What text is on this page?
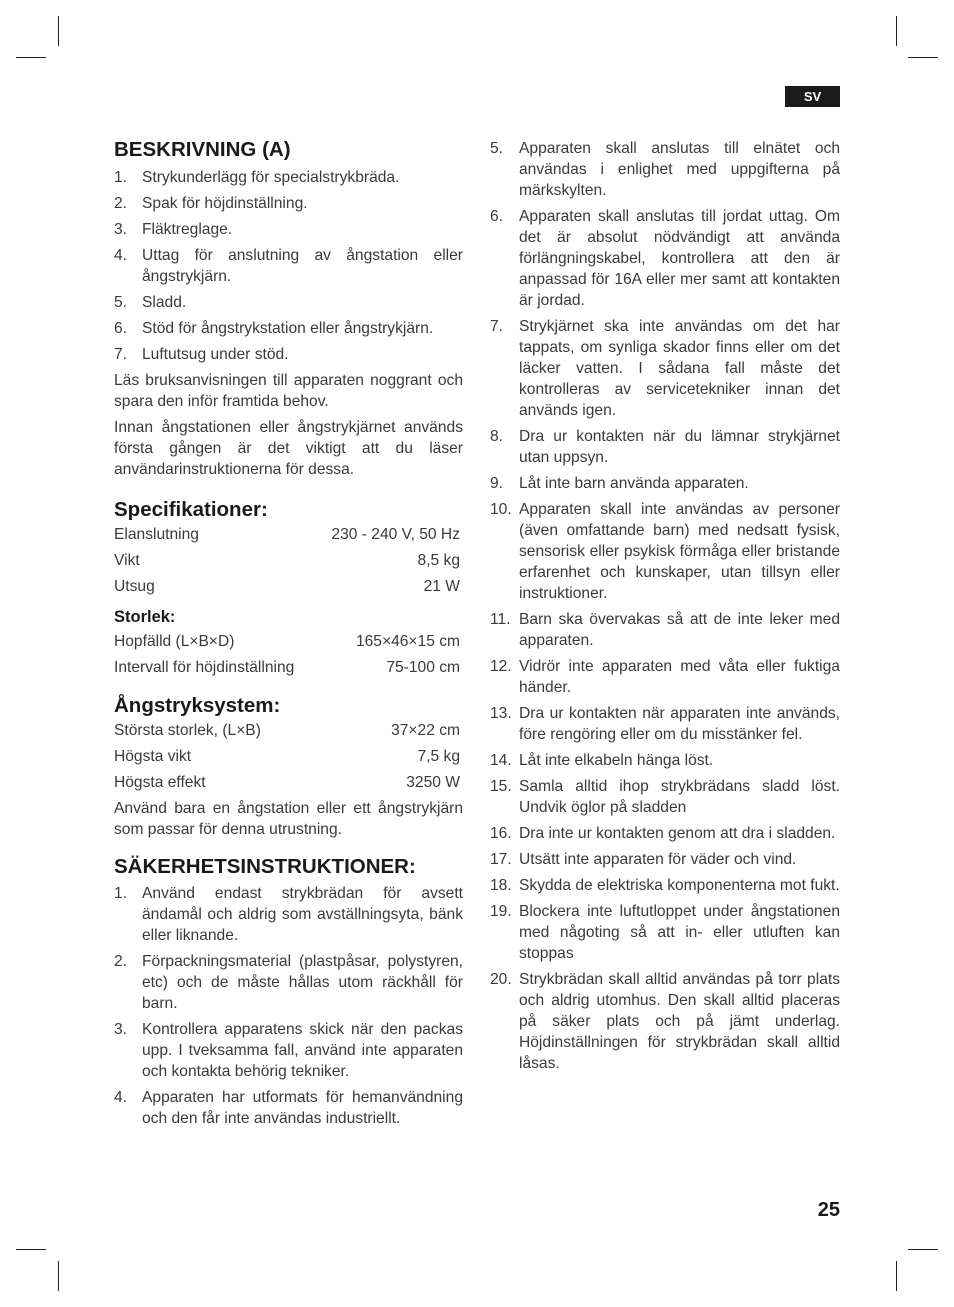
SV
BESKRIVNING (A)
1. Strykunderlägg för specialstrykbräda.
2. Spak för höjdinställning.
3. Fläktreglage.
4. Uttag för anslutning av ångstation eller ångstrykjärn.
5. Sladd.
6. Stöd för ångstrykstation eller ångstrykjärn.
7. Luftutsug under stöd.

Läs bruksanvisningen till apparaten noggrant och spara den inför framtida behov.

Innan ångstationen eller ångstrykjärnet används första gången är det viktigt att du läser användarinstruktionerna för dessa.

Specifikationer:
Elanslutning	230 - 240 V, 50 Hz
Vikt	8,5 kg
Utsug	21 W
Storlek:
Hopfälld (L×B×D)	165×46×15 cm
Intervall för höjdinställning	75-100 cm
Ångstryksystem:
Största storlek, (L×B)	37×22 cm
Högsta vikt	7,5 kg
Högsta effekt	3250 W

Använd bara en ångstation eller ett ångstrykjärn som passar för denna utrustning.

SÄKERHETSINSTRUKTIONER:
1. Använd endast strykbrädan för avsett ändamål och aldrig som avställningsyta, bänk eller liknande.
2. Förpackningsmaterial (plastpåsar, polystyren, etc) och de måste hållas utom räckhåll för barn.
3. Kontrollera apparatens skick när den packas upp. I tveksamma fall, använd inte apparaten och kontakta behörig tekniker.
4. Apparaten har utformats för hemanvändning och den får inte användas industriellt.
5. Apparaten skall anslutas till elnätet och användas i enlighet med uppgifterna på märkskylten.
6. Apparaten skall anslutas till jordat uttag. Om det är absolut nödvändigt att använda förlängningskabel, kontrollera att den är anpassad för 16A eller mer samt att kontakten är jordad.
7. Strykjärnet ska inte användas om det har tappats, om synliga skador finns eller om det läcker vatten. I sådana fall måste det kontrolleras av servicetekniker innan det används igen.
8. Dra ur kontakten när du lämnar strykjärnet utan uppsyn.
9. Låt inte barn använda apparaten.
10. Apparaten skall inte användas av personer (även omfattande barn) med nedsatt fysisk, sensorisk eller psykisk förmåga eller bristande erfarenhet och kunskaper, utan tillsyn eller instruktioner.
11. Barn ska övervakas så att de inte leker med apparaten.
12. Vidrör inte apparaten med våta eller fuktiga händer.
13. Dra ur kontakten när apparaten inte används, före rengöring eller om du misstänker fel.
14. Låt inte elkabeln hänga löst.
15. Samla alltid ihop strykbrädans sladd löst. Undvik öglor på sladden
16. Dra inte ur kontakten genom att dra i sladden.
17. Utsätt inte apparaten för väder och vind.
18. Skydda de elektriska komponenterna mot fukt.
19. Blockera inte luftutloppet under ångstationen med någoting så att in- eller utluften kan stoppas
20. Strykbrädan skall alltid användas på torr plats och aldrig utomhus. Den skall alltid placeras på säker plats och på jämt underlag. Höjdinställningen för strykbrädan skall alltid låsas.
25
